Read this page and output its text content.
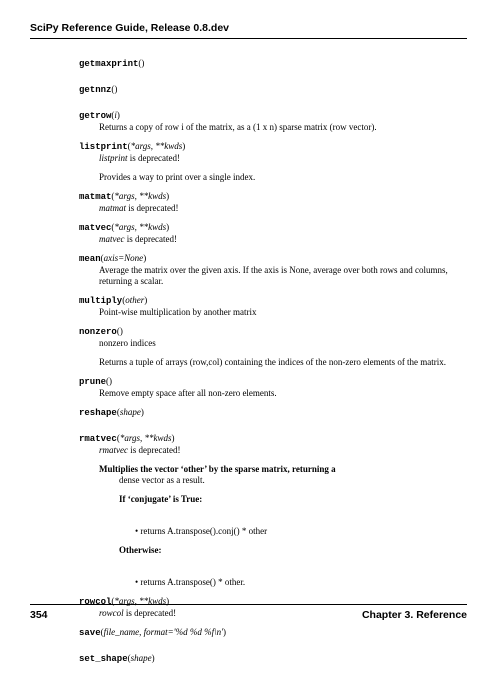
SciPy Reference Guide, Release 0.8.dev
getmaxprint()
getnnz()
getrow(i)
Returns a copy of row i of the matrix, as a (1 x n) sparse matrix (row vector).
listprint(*args, **kwds)

listprint is deprecated!

Provides a way to print over a single index.

matmat(*args, **kwds)
matmat is deprecated!
matvec(*args, **kwds)
matvec is deprecated!
mean(axis=None)
Average the matrix over the given axis. If the axis is None, average over both rows and columns, returning a scalar.
multiply(other)
Point-wise multiplication by another matrix
nonzero()

nonzero indices

Returns a tuple of arrays (row,col) containing the indices of the non-zero elements of the matrix.

prune()
Remove empty space after all non-zero elements.
reshape(shape)
rmatvec(*args, **kwds)

rmatvec is deprecated!

Multiplies the vector ‘other’ by the sparse matrix, returning a
dense vector as a result.
If ‘conjugate’ is True:
• returns A.transpose().conj() * other
Otherwise:
• returns A.transpose() * other.
rowcol(*args, **kwds)
rowcol is deprecated!
save(file_name, format='%d %d %f\n')
set_shape(shape)
354	Chapter 3. Reference
